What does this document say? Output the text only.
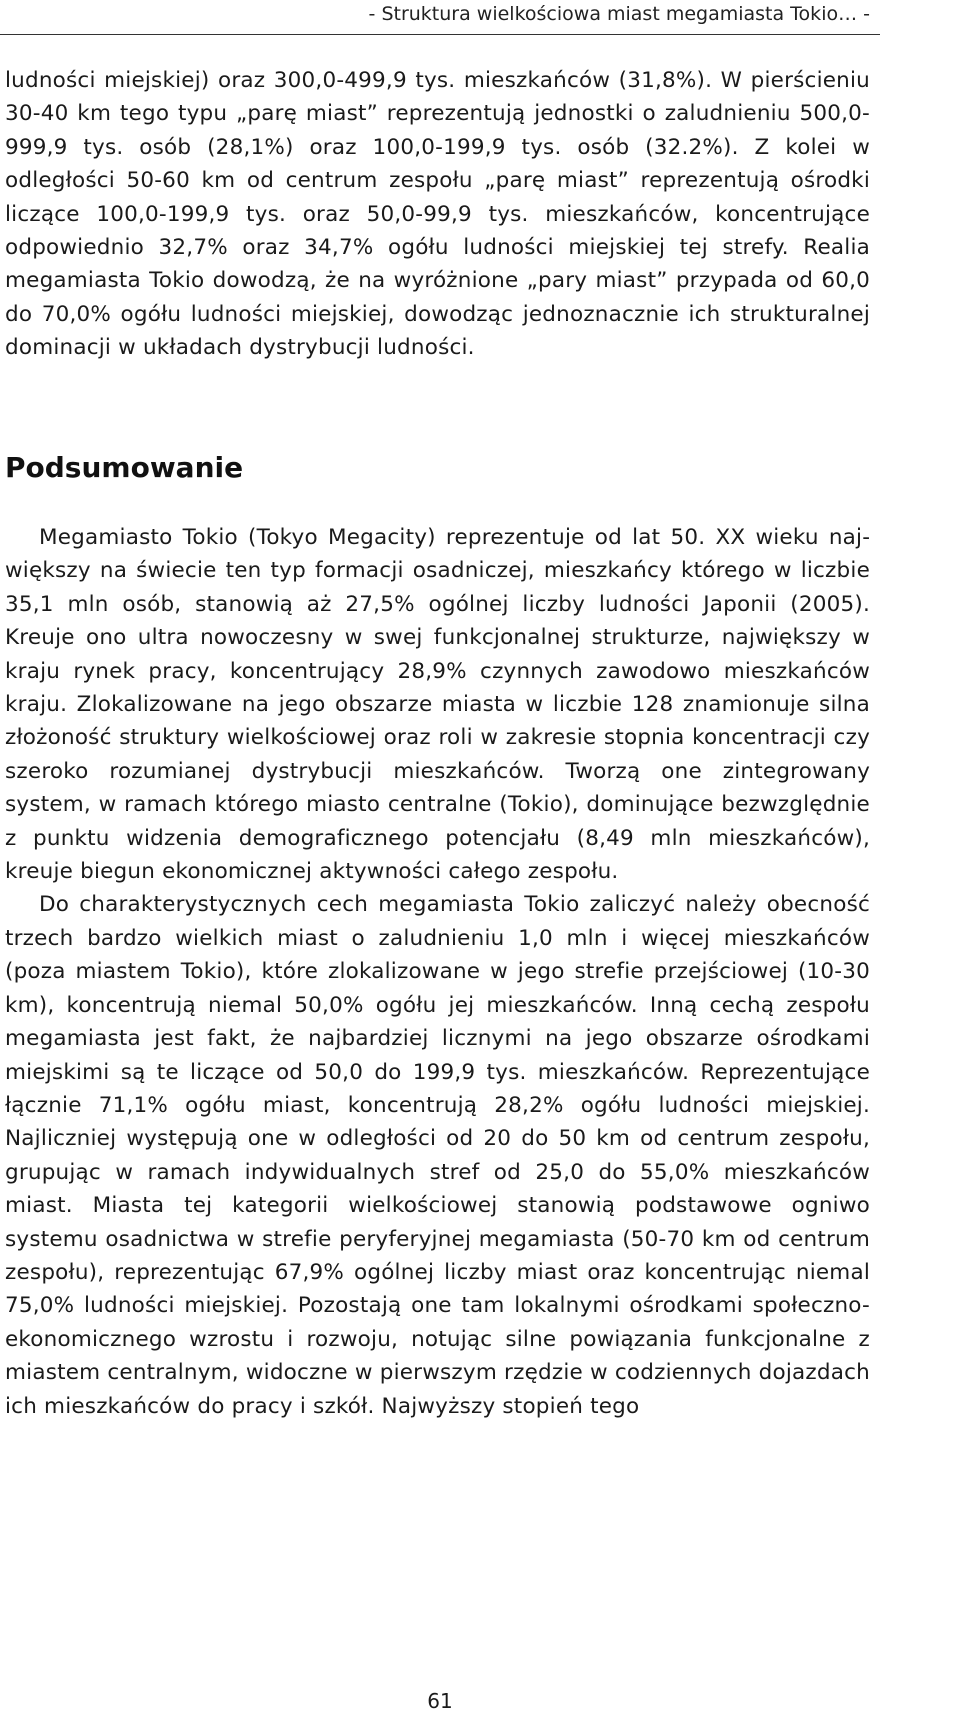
- Struktura wielkościowa miast megamiasta Tokio… -

ludności miejskiej) oraz 300,0-499,9 tys. mieszkańców (31,8%). W pierścieniu 30-40 km tego typu „parę miast” reprezentują jednostki o zaludnieniu 500,0-999,9 tys. osób (28,1%) oraz 100,0-199,9 tys. osób (32.2%). Z kolei w odległości 50-60 km od centrum zespołu „parę miast” reprezentują ośrodki liczące 100,0-199,9 tys. oraz 50,0-99,9 tys. mieszkańców, koncentrujące odpowiednio 32,7% oraz 34,7% ogółu ludności miejskiej tej strefy. Realia megamiasta Tokio dowodzą, że na wyróżnione „pary miast” przypada od 60,0 do 70,0% ogółu ludności miejskiej, dowodząc jednoznacznie ich strukturalnej dominacji w układach dystrybucji ludności.

Podsumowanie

Megamiasto Tokio (Tokyo Megacity) reprezentuje od lat 50. XX wieku największy na świecie ten typ formacji osadniczej, mieszkańcy którego w liczbie 35,1 mln osób, stanowią aż 27,5% ogólnej liczby ludności Japonii (2005). Kreuje ono ultra nowoczesny w swej funkcjonalnej strukturze, największy w kraju rynek pracy, koncentrujący 28,9% czynnych zawodowo mieszkańców kraju. Zlokalizowane na jego obszarze miasta w liczbie 128 znamionuje silna złożoność struktury wielkościowej oraz roli w zakresie stopnia koncentracji czy szeroko rozumianej dystrybucji mieszkańców. Tworzą one zintegrowany system, w ramach którego miasto centralne (Tokio), dominujące bezwzględnie z punktu widzenia demograficznego potencjału (8,49 mln mieszkańców), kreuje biegun ekonomicznej aktywności całego zespołu.

Do charakterystycznych cech megamiasta Tokio zaliczyć należy obecność trzech bardzo wielkich miast o zaludnieniu 1,0 mln i więcej mieszkańców (poza miastem Tokio), które zlokalizowane w jego strefie przejściowej (10-30 km), koncentrują niemal 50,0% ogółu jej mieszkańców. Inną cechą zespołu megamiasta jest fakt, że najbardziej licznymi na jego obszarze ośrodkami miejskimi są te liczące od 50,0 do 199,9 tys. mieszkańców. Reprezentujące łącznie 71,1% ogółu miast, koncentrują 28,2% ogółu ludności miejskiej. Najliczniej występują one w odległości od 20 do 50 km od centrum zespołu, grupując w ramach indywidualnych stref od 25,0 do 55,0% mieszkańców miast. Miasta tej kategorii wielkościowej stanowią podstawowe ogniwo systemu osadnictwa w strefie peryferyjnej megamiasta (50-70 km od centrum zespołu), reprezentując 67,9% ogólnej liczby miast oraz koncentrując niemal 75,0% ludności miejskiej. Pozostają one tam lokalnymi ośrodkami społeczno-ekonomicznego wzrostu i rozwoju, notując silne powiązania funkcjonalne z miastem centralnym, widoczne w pierwszym rzędzie w codziennych dojazdach ich mieszkańców do pracy i szkół. Najwyższy stopień tego

61
